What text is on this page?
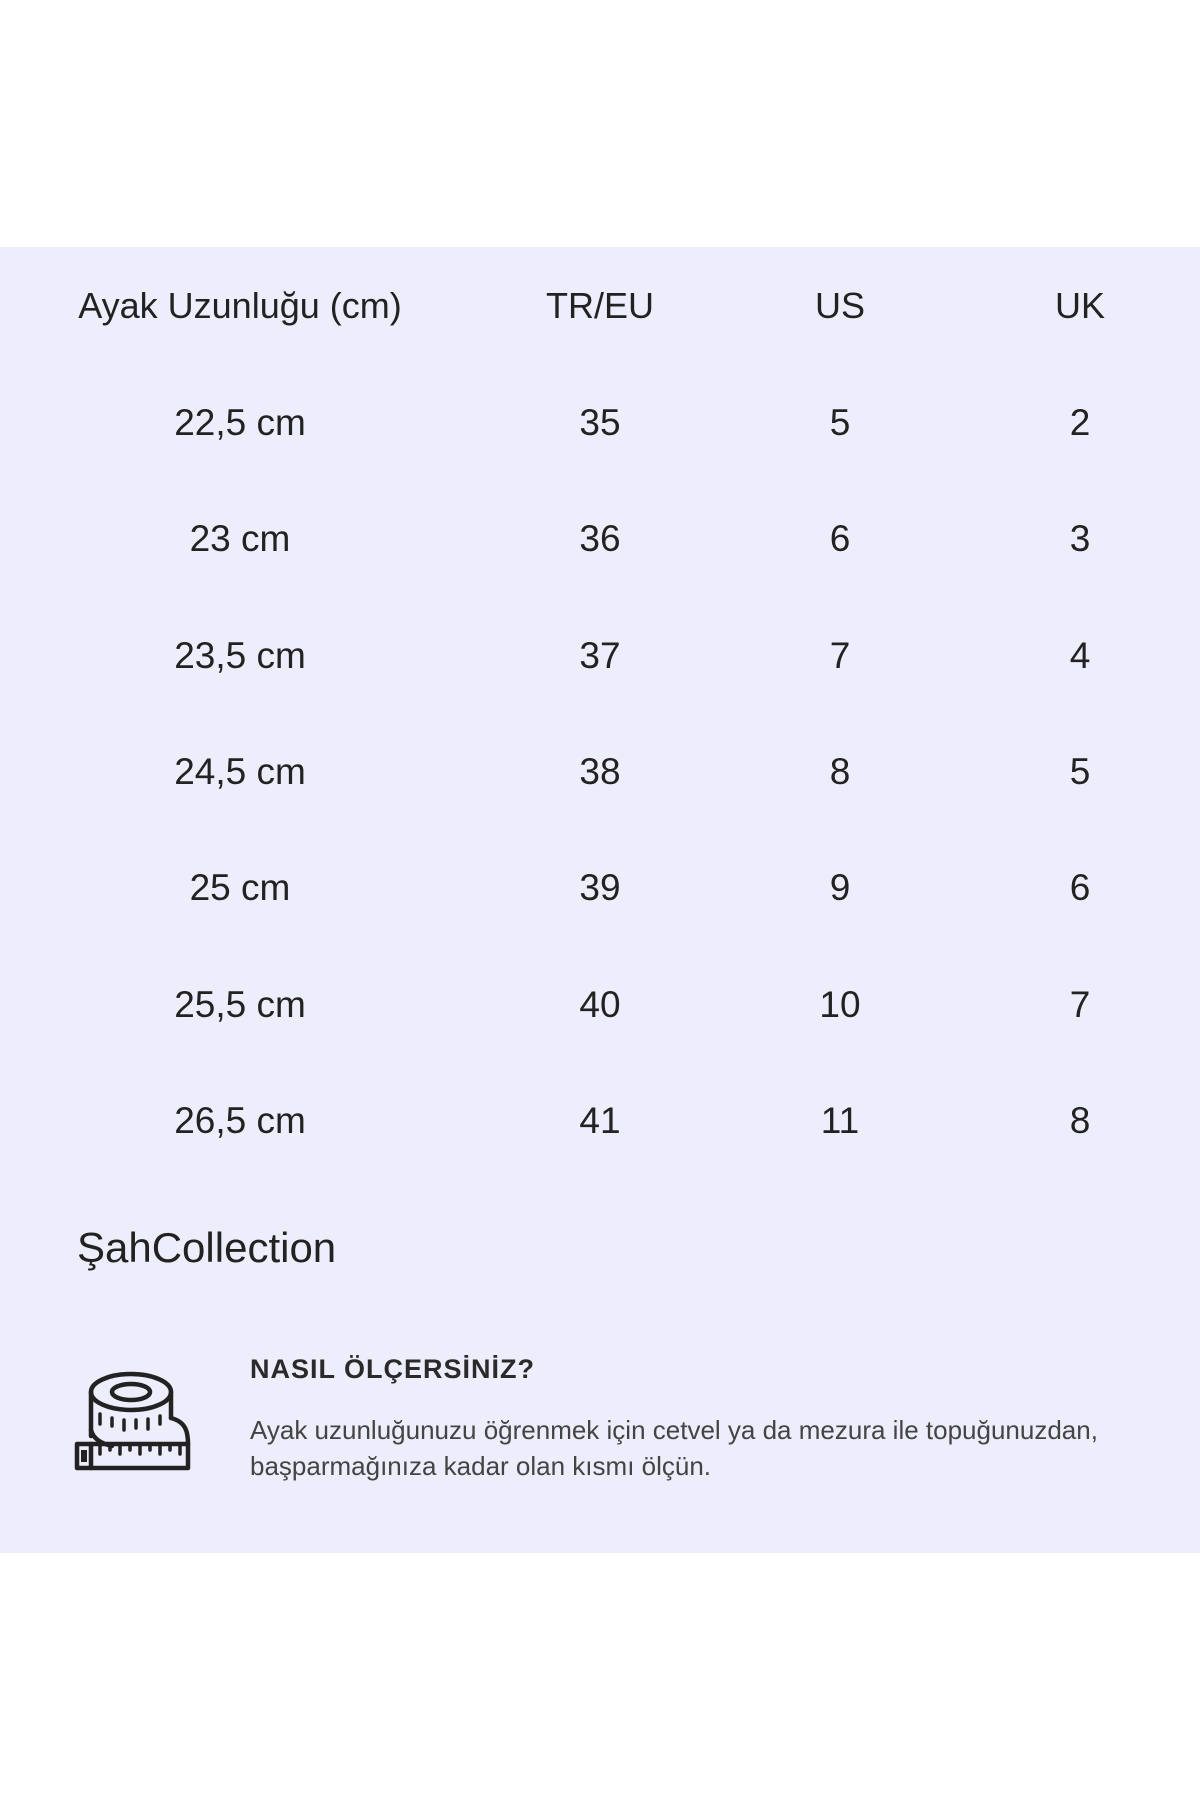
Ayak Uzunluğu (cm)	TR/EU	US	UK
22,5 cm	35	5	2
23 cm	36	6	3
23,5 cm	37	7	4
24,5 cm	38	8	5
25 cm	39	9	6
25,5 cm	40	10	7
26,5 cm	41	11	8
ŞahCollection
NASIL ÖLÇERSİNİZ?
Ayak uzunluğunuzu öğrenmek için cetvel ya da mezura ile topuğunuzdan, başparmağınıza kadar olan kısmı ölçün.
